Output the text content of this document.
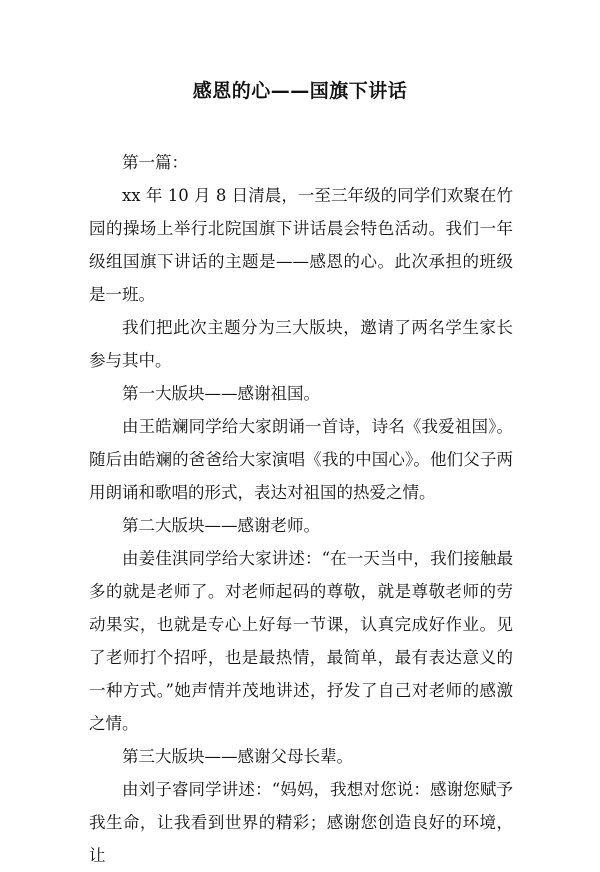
感恩的心——国旗下讲话

第一篇：

xx 年 10 月 8 日清晨，一至三年级的同学们欢聚在竹园的操场上举行北院国旗下讲话晨会特色活动。我们一年级组国旗下讲话的主题是——感恩的心。此次承担的班级是一班。

我们把此次主题分为三大版块，邀请了两名学生家长参与其中。

第一大版块——感谢祖国。

由王皓斓同学给大家朗诵一首诗，诗名《我爱祖国》。随后由皓斓的爸爸给大家演唱《我的中国心》。他们父子两用朗诵和歌唱的形式，表达对祖国的热爱之情。

第二大版块——感谢老师。

由姜佳淇同学给大家讲述：“在一天当中，我们接触最多的就是老师了。对老师起码的尊敬，就是尊敬老师的劳动果实，也就是专心上好每一节课，认真完成好作业。见了老师打个招呼，也是最热情，最简单，最有表达意义的一种方式。”她声情并茂地讲述，抒发了自己对老师的感激之情。

第三大版块——感谢父母长辈。

由刘子睿同学讲述：“妈妈，我想对您说：感谢您赋予我生命，让我看到世界的精彩；感谢您创造良好的环境，让
